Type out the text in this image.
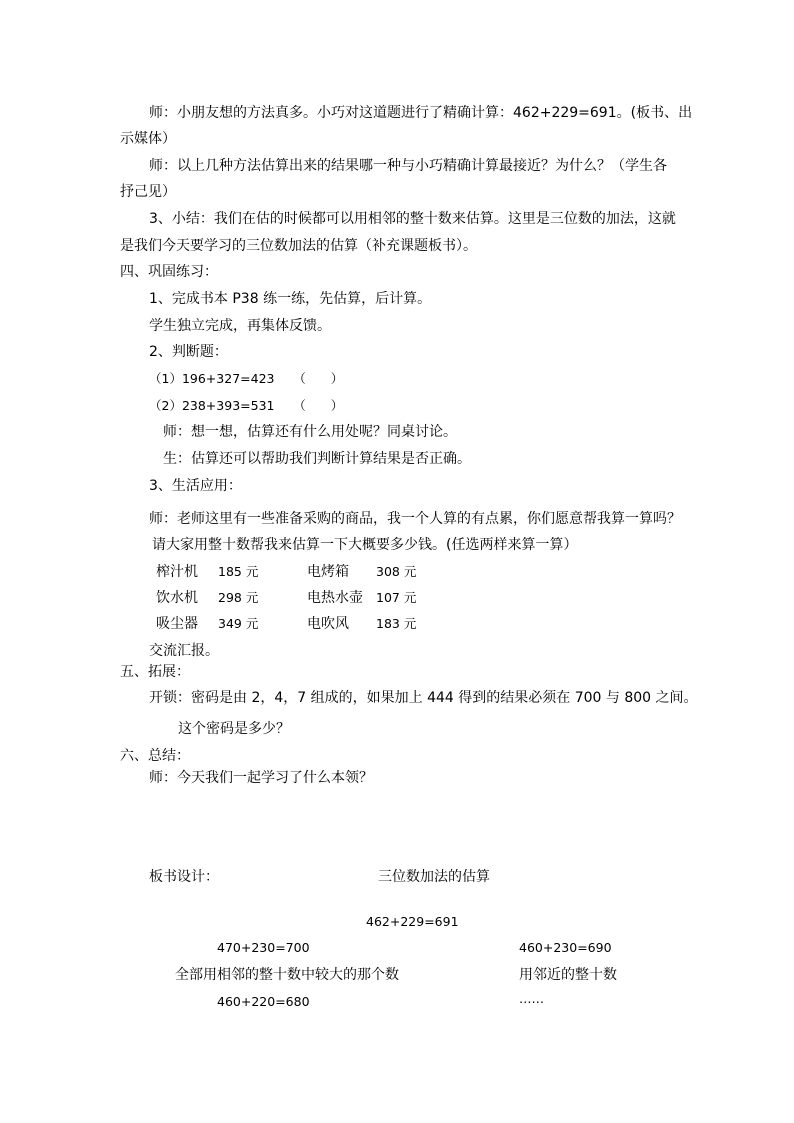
师：小朋友想的方法真多。小巧对这道题进行了精确计算：462+229=691。(板书、出
示媒体）
师：以上几种方法估算出来的结果哪一种与小巧精确计算最接近？为什么？（学生各
抒己见）
3、小结：我们在估的时候都可以用相邻的整十数来估算。这里是三位数的加法，这就
是我们今天要学习的三位数加法的估算（补充课题板书）。
四、巩固练习：
1、完成书本 P38 练一练，先估算，后计算。
学生独立完成，再集体反馈。
2、判断题：
（1）196+327=423　　（　　）
（2）238+393=531　　（　　）
师：想一想，估算还有什么用处呢？同桌讨论。
生：估算还可以帮助我们判断计算结果是否正确。
3、生活应用：
师：老师这里有一些准备采购的商品，我一个人算的有点累，你们愿意帮我算一算吗？
请大家用整十数帮我来估算一下大概要多少钱。(任选两样来算一算）
榨汁机 185 元	电烤箱 308 元
饮水机 298 元	电热水壶 107 元
吸尘器 349 元	电吹风 183 元
交流汇报。
五、拓展：
开锁：密码是由 2，4，7 组成的，如果加上 444 得到的结果必须在 700 与 800 之间。
这个密码是多少？
六、总结：
师：今天我们一起学习了什么本领？
板书设计：	三位数加法的估算
462+229=691
470+230=700	460+230=690
全部用相邻的整十数中较大的那个数	用邻近的整十数
460+220=680	……
